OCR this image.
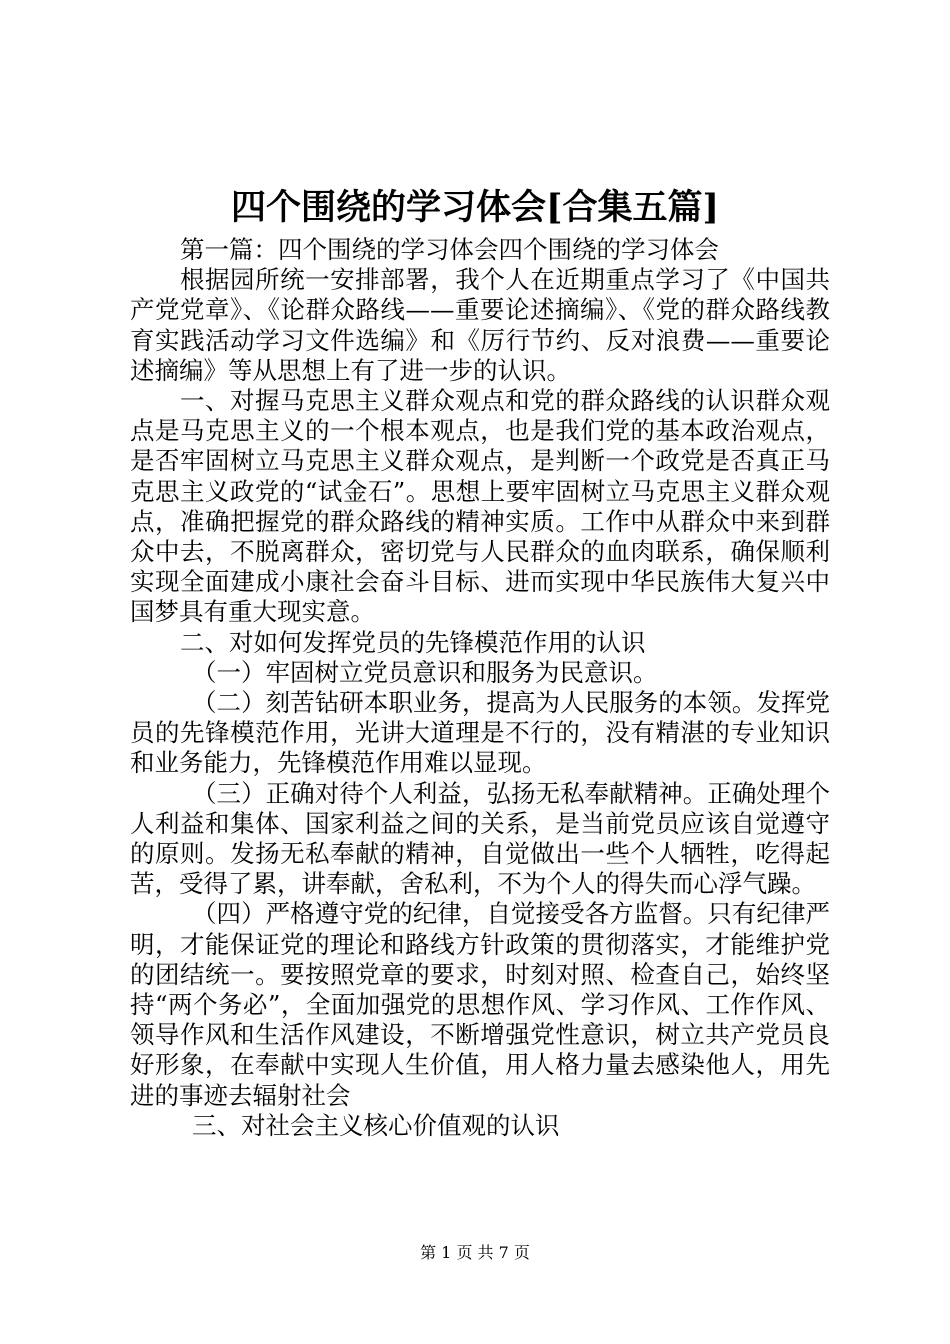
四个围绕的学习体会[合集五篇]

第一篇：四个围绕的学习体会四个围绕的学习体会

根据园所统一安排部署，我个人在近期重点学习了《中国共产党党章》、《论群众路线——重要论述摘编》、《党的群众路线教育实践活动学习文件选编》和《厉行节约、反对浪费——重要论述摘编》等从思想上有了进一步的认识。

一、对握马克思主义群众观点和党的群众路线的认识群众观点是马克思主义的一个根本观点，也是我们党的基本政治观点，是否牢固树立马克思主义群众观点，是判断一个政党是否真正马克思主义政党的“试金石”。思想上要牢固树立马克思主义群众观点，准确把握党的群众路线的精神实质。工作中从群众中来到群众中去，不脱离群众，密切党与人民群众的血肉联系，确保顺利实现全面建成小康社会奋斗目标、进而实现中华民族伟大复兴中国梦具有重大现实意。

二、对如何发挥党员的先锋模范作用的认识

（一）牢固树立党员意识和服务为民意识。

（二）刻苦钻研本职业务，提高为人民服务的本领。发挥党员的先锋模范作用，光讲大道理是不行的，没有精湛的专业知识和业务能力，先锋模范作用难以显现。

（三）正确对待个人利益，弘扬无私奉献精神。正确处理个人利益和集体、国家利益之间的关系，是当前党员应该自觉遵守的原则。发扬无私奉献的精神，自觉做出一些个人牺牲，吃得起苦，受得了累，讲奉献，舍私利，不为个人的得失而心浮气躁。

（四）严格遵守党的纪律，自觉接受各方监督。只有纪律严明，才能保证党的理论和路线方针政策的贯彻落实，才能维护党的团结统一。要按照党章的要求，时刻对照、检查自己，始终坚持“两个务必”，全面加强党的思想作风、学习作风、工作作风、领导作风和生活作风建设，不断增强党性意识，树立共产党员良好形象，在奉献中实现人生价值，用人格力量去感染他人，用先进的事迹去辐射社会

三、对社会主义核心价值观的认识

第 1 页 共 7 页
